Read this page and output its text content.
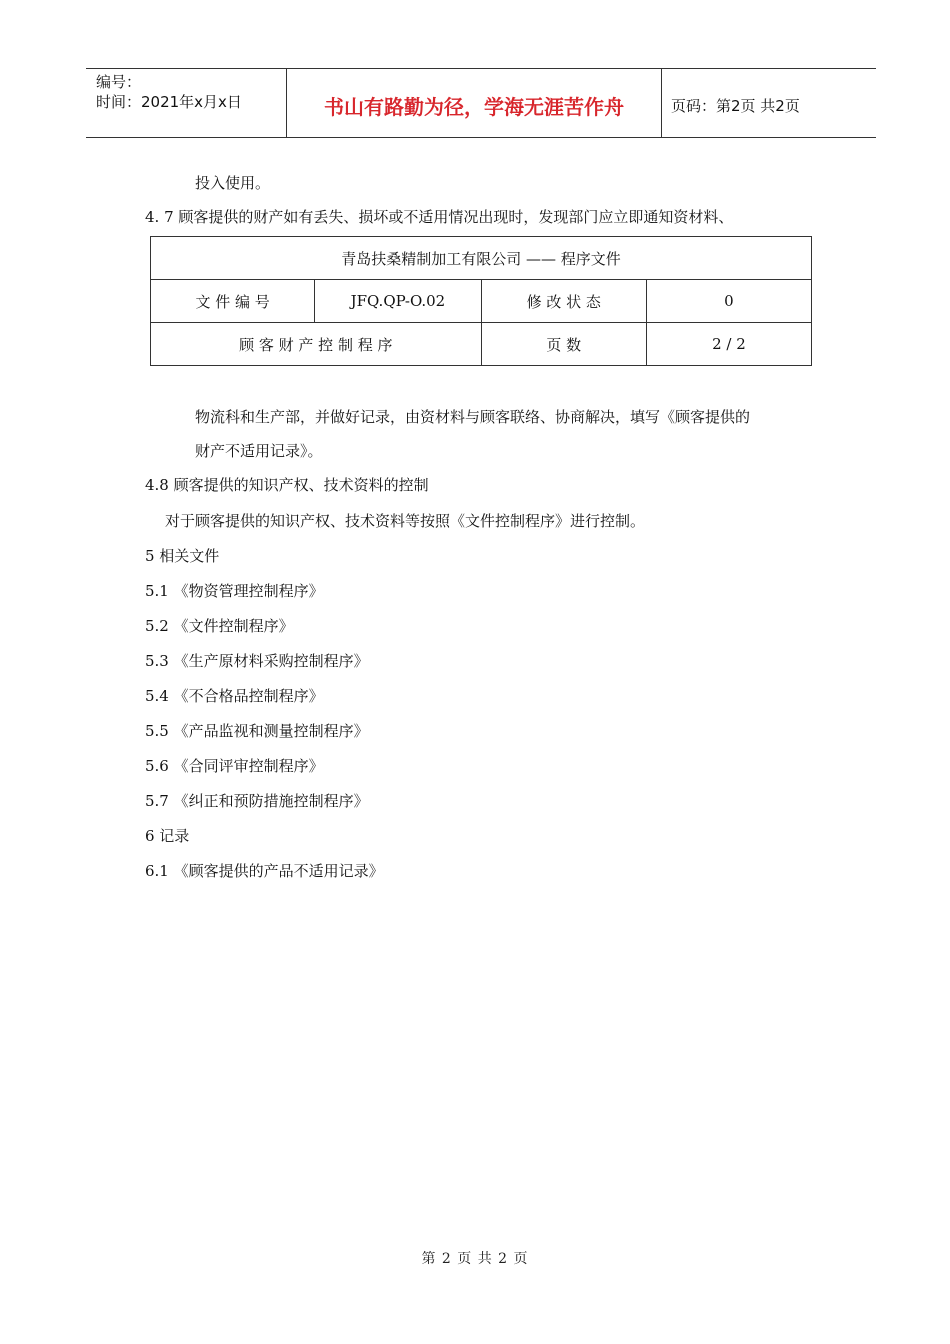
编号：
时间：2021年x月x日	书山有路勤为径，学海无涯苦作舟	页码：第2页 共2页
投入使用。
4. 7 顾客提供的财产如有丢失、损坏或不适用情况出现时，发现部门应立即通知资材料、
青岛扶桑精制加工有限公司 —— 程序文件			
文 件 编 号	JFQ.QP-O.02	修 改 状 态	0
顾 客 财 产 控 制 程 序		页 数	2 / 2
物流科和生产部，并做好记录，由资材料与顾客联络、协商解决，填写《顾客提供的
财产不适用记录》。
4.8 顾客提供的知识产权、技术资料的控制
对于顾客提供的知识产权、技术资料等按照《文件控制程序》进行控制。
5 相关文件
5.1 《物资管理控制程序》
5.2 《文件控制程序》
5.3 《生产原材料采购控制程序》
5.4 《不合格品控制程序》
5.5 《产品监视和测量控制程序》
5.6 《合同评审控制程序》
5.7 《纠正和预防措施控制程序》
6 记录
6.1 《顾客提供的产品不适用记录》
第 2 页 共 2 页
